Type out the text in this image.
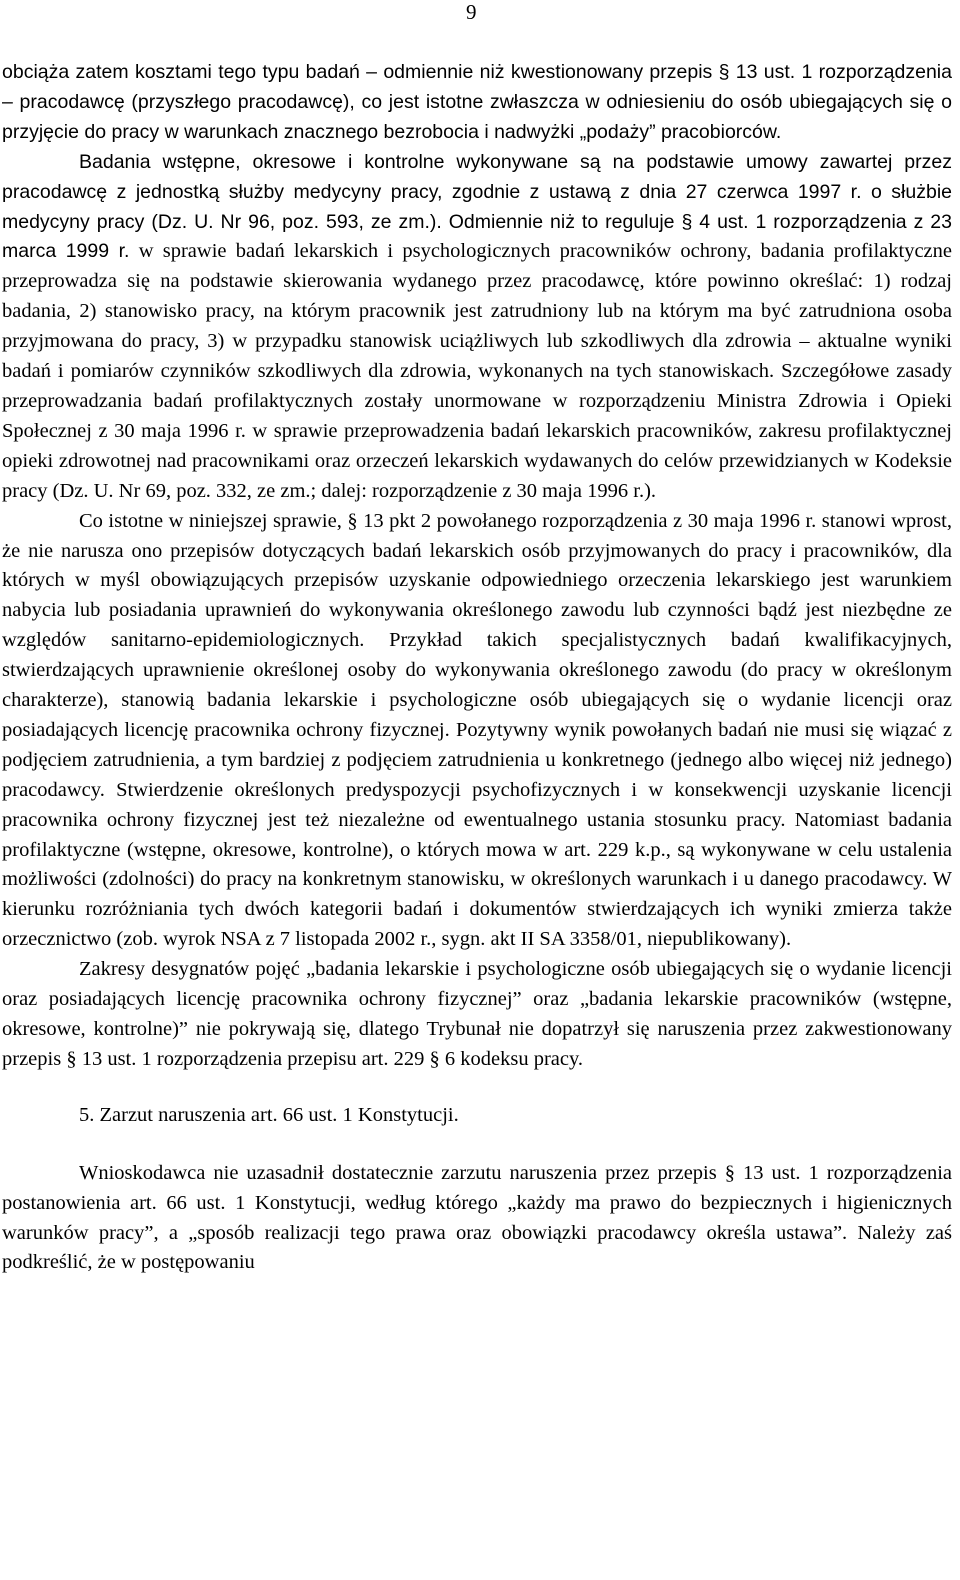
9

obciąża zatem kosztami tego typu badań – odmiennie niż kwestionowany przepis § 13 ust. 1 rozporządzenia – pracodawcę (przyszłego pracodawcę), co jest istotne zwłaszcza w odniesieniu do osób ubiegających się o przyjęcie do pracy w warunkach znacznego bezrobocia i nadwyżki „podaży” pracobiorców.

Badania wstępne, okresowe i kontrolne wykonywane są na podstawie umowy zawartej przez pracodawcę z jednostką służby medycyny pracy, zgodnie z ustawą z dnia 27 czerwca 1997 r. o służbie medycyny pracy (Dz. U. Nr 96, poz. 593, ze zm.). Odmiennie niż to reguluje § 4 ust. 1 rozporządzenia z 23 marca 1999 r. w sprawie badań lekarskich i psychologicznych pracowników ochrony, badania profilaktyczne przeprowadza się na podstawie skierowania wydanego przez pracodawcę, które powinno określać: 1) rodzaj badania, 2) stanowisko pracy, na którym pracownik jest zatrudniony lub na którym ma być zatrudniona osoba przyjmowana do pracy, 3) w przypadku stanowisk uciążliwych lub szkodliwych dla zdrowia – aktualne wyniki badań i pomiarów czynników szkodliwych dla zdrowia, wykonanych na tych stanowiskach. Szczegółowe zasady przeprowadzania badań profilaktycznych zostały unormowane w rozporządzeniu Ministra Zdrowia i Opieki Społecznej z 30 maja 1996 r. w sprawie przeprowadzenia badań lekarskich pracowników, zakresu profilaktycznej opieki zdrowotnej nad pracownikami oraz orzeczeń lekarskich wydawanych do celów przewidzianych w Kodeksie pracy (Dz. U. Nr 69, poz. 332, ze zm.; dalej: rozporządzenie z 30 maja 1996 r.).

Co istotne w niniejszej sprawie, § 13 pkt 2 powołanego rozporządzenia z 30 maja 1996 r. stanowi wprost, że nie narusza ono przepisów dotyczących badań lekarskich osób przyjmowanych do pracy i pracowników, dla których w myśl obowiązujących przepisów uzyskanie odpowiedniego orzeczenia lekarskiego jest warunkiem nabycia lub posiadania uprawnień do wykonywania określonego zawodu lub czynności bądź jest niezbędne ze względów sanitarno-epidemiologicznych. Przykład takich specjalistycznych badań kwalifikacyjnych, stwierdzających uprawnienie określonej osoby do wykonywania określonego zawodu (do pracy w określonym charakterze), stanowią badania lekarskie i psychologiczne osób ubiegających się o wydanie licencji oraz posiadających licencję pracownika ochrony fizycznej. Pozytywny wynik powołanych badań nie musi się wiązać z podjęciem zatrudnienia, a tym bardziej z podjęciem zatrudnienia u konkretnego (jednego albo więcej niż jednego) pracodawcy. Stwierdzenie określonych predyspozycji psychofizycznych i w konsekwencji uzyskanie licencji pracownika ochrony fizycznej jest też niezależne od ewentualnego ustania stosunku pracy. Natomiast badania profilaktyczne (wstępne, okresowe, kontrolne), o których mowa w art. 229 k.p., są wykonywane w celu ustalenia możliwości (zdolności) do pracy na konkretnym stanowisku, w określonych warunkach i u danego pracodawcy. W kierunku rozróżniania tych dwóch kategorii badań i dokumentów stwierdzających ich wyniki zmierza także orzecznictwo (zob. wyrok NSA z 7 listopada 2002 r., sygn. akt II SA 3358/01, niepublikowany).

Zakresy desygnatów pojęć „badania lekarskie i psychologiczne osób ubiegających się o wydanie licencji oraz posiadających licencję pracownika ochrony fizycznej” oraz „badania lekarskie pracowników (wstępne, okresowe, kontrolne)” nie pokrywają się, dlatego Trybunał nie dopatrzył się naruszenia przez zakwestionowany przepis § 13 ust. 1 rozporządzenia przepisu art. 229 § 6 kodeksu pracy.

5. Zarzut naruszenia art. 66 ust. 1 Konstytucji.

Wnioskodawca nie uzasadnił dostatecznie zarzutu naruszenia przez przepis § 13 ust. 1 rozporządzenia postanowienia art. 66 ust. 1 Konstytucji, według którego „każdy ma prawo do bezpiecznych i higienicznych warunków pracy”, a „sposób realizacji tego prawa oraz obowiązki pracodawcy określa ustawa”. Należy zaś podkreślić, że w postępowaniu
